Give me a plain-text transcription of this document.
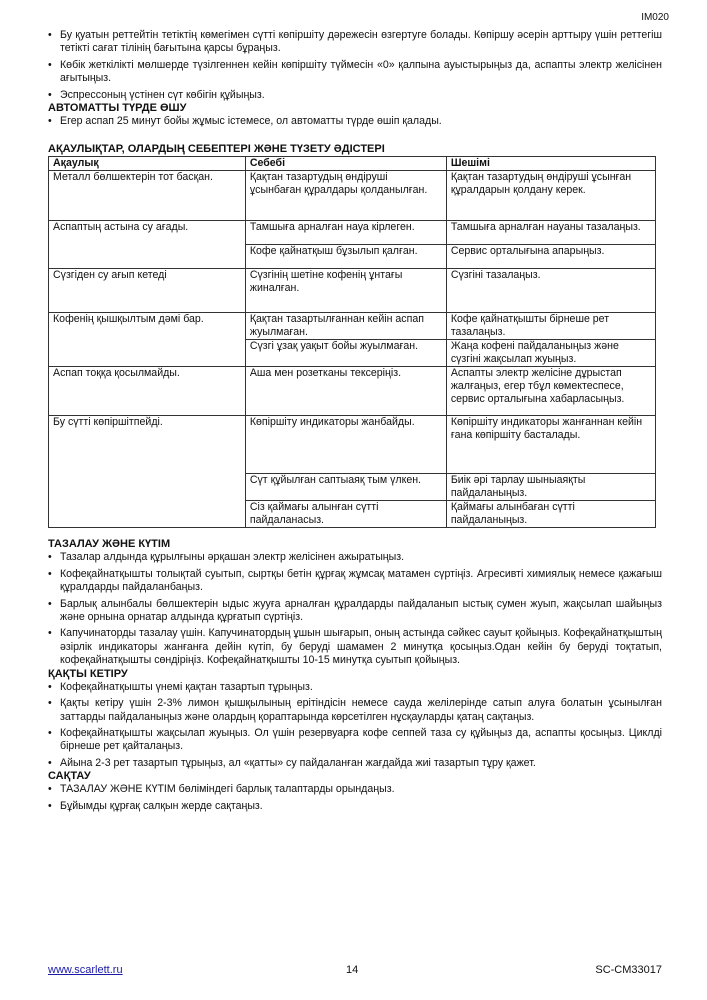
IM020
• Бу қуатын реттейтін тетіктің көмегімен сүтті көпіршіту дәрежесін өзгертуге болады. Көпіршу әсерін арттыру үшін реттегіш тетікті сағат тілінің бағытына қарсы бұраңыз.
• Көбік жеткілікті мөлшерде түзілгеннен кейін көпіршіту түймесін «0» қалпына ауыстырыңыз да, аспапты электр желісінен ағытыңыз.
• Эспрессоның үстінен сүт көбігін құйыңыз.
АВТОМАТТЫ ТҮРДЕ ӨШУ
• Егер аспап 25 минут бойы жұмыс істемесе, ол автоматты түрде өшіп қалады.
АҚАУЛЫҚТАР, ОЛАРДЫҢ СЕБЕПТЕРІ ЖӘНЕ ТҮЗЕТУ ӘДІСТЕРІ
Ақаулық	Себебі	Шешімі
Металл бөлшектерін тот басқан.	Қақтан тазартудың өндіруші ұсынбаған құралдары қолданылған.	Қақтан тазартудың өндіруші ұсынған құралдарын қолдану керек.
Аспаптың астына су ағады.	Тамшыға арналған науа кірлеген.	Тамшыға арналған науаны тазалаңыз.
	Кофе қайнатқыш бұзылып қалған.	Сервис орталығына апарыңыз.
Сүзгіден су ағып кетеді	Сүзгінің шетіне кофенің ұнтағы жиналған.	Сүзгіні тазалаңыз.
Кофенің қышқылтым дәмі бар.	Қақтан тазартылғаннан кейін аспап жуылмаған.	Кофе қайнатқышты бірнеше рет тазалаңыз.
	Сүзгі ұзақ уақыт бойы жуылмаған.	Жаңа кофені пайдаланыңыз және сүзгіні жақсылап жуыңыз.
Аспап тоққа қосылмайды.	Аша мен розетканы тексеріңіз.	Аспапты электр желісіне дұрыстап жалғаңыз, егер тбұл көмектеспесе, сервис орталығына хабарласыңыз.
Бу сүтті көпіршітпейді.	Көпіршіту индикаторы жанбайды.	Көпіршіту индикаторы жанғаннан кейін ғана көпіршіту басталады.
	Сүт құйылған саптыаяқ тым үлкен.	Биік әрі тарлау шыныаяқты пайдаланыңыз.
	Сіз қаймағы алынған сүтті пайдаланасыз.	Қаймағы алынбаған сүтті пайдаланыңыз.
ТАЗАЛАУ ЖӘНЕ КҮТІМ
• Тазалар алдында құрылғыны әрқашан электр желісінен ажыратыңыз.
• Кофеқайнатқышты толықтай суытып, сыртқы бетін құрғақ жұмсақ матамен сүртіңіз. Агресивті химиялық немесе қажағыш құралдарды пайдаланбаңыз.
• Барлық алынбалы бөлшектерін ыдыс жууға арналған құралдарды пайдаланып ыстық сумен жуып, жақсылап шайыңыз және орнына орнатар алдында құрғатып сүртіңіз.
• Капучинаторды тазалау үшін. Капучинатордың ұшын шығарып, оның астында сәйкес сауыт қойыңыз. Кофеқайнатқыштың әзірлік индикаторы жанғанға дейін күтіп, бу берудi шамамен 2 минутқа қосыңыз.Одан кейін бу берудi тоқтатып, кофеқайнатқышты сөндіріңіз. Кофеқайнатқышты 10-15 минутқа суытып қойыңыз.
ҚАҚТЫ КЕТІРУ
• Кофеқайнатқышты үнемі қақтан тазартып тұрыңыз.
• Қақты кетіру үшін 2-3% лимон қышқылының ерітіндісін немесе сауда желілерінде сатып алуға болатын ұсынылған заттарды пайдаланыңыз және олардың қораптарында көрсетілген нұсқауларды қатаң сақтаңыз.
• Кофеқайнатқышты жақсылап жуыңыз. Ол үшін резервуарға кофе сеппей таза су құйыңыз да, аспапты қосыңыз. Циклді бірнеше рет қайталаңыз.
• Айына 2-3 рет тазартып тұрыңыз, ал «қатты» су пайдаланған жағдайда жиі тазартып тұру қажет.
САҚТАУ
• ТАЗАЛАУ ЖӘНЕ КҮТІМ бөліміндегі барлық талаптарды орындаңыз.
• Бұйымды құрғақ салқын жерде сақтаңыз.
www.scarlett.ru	14	SC-CM33017
